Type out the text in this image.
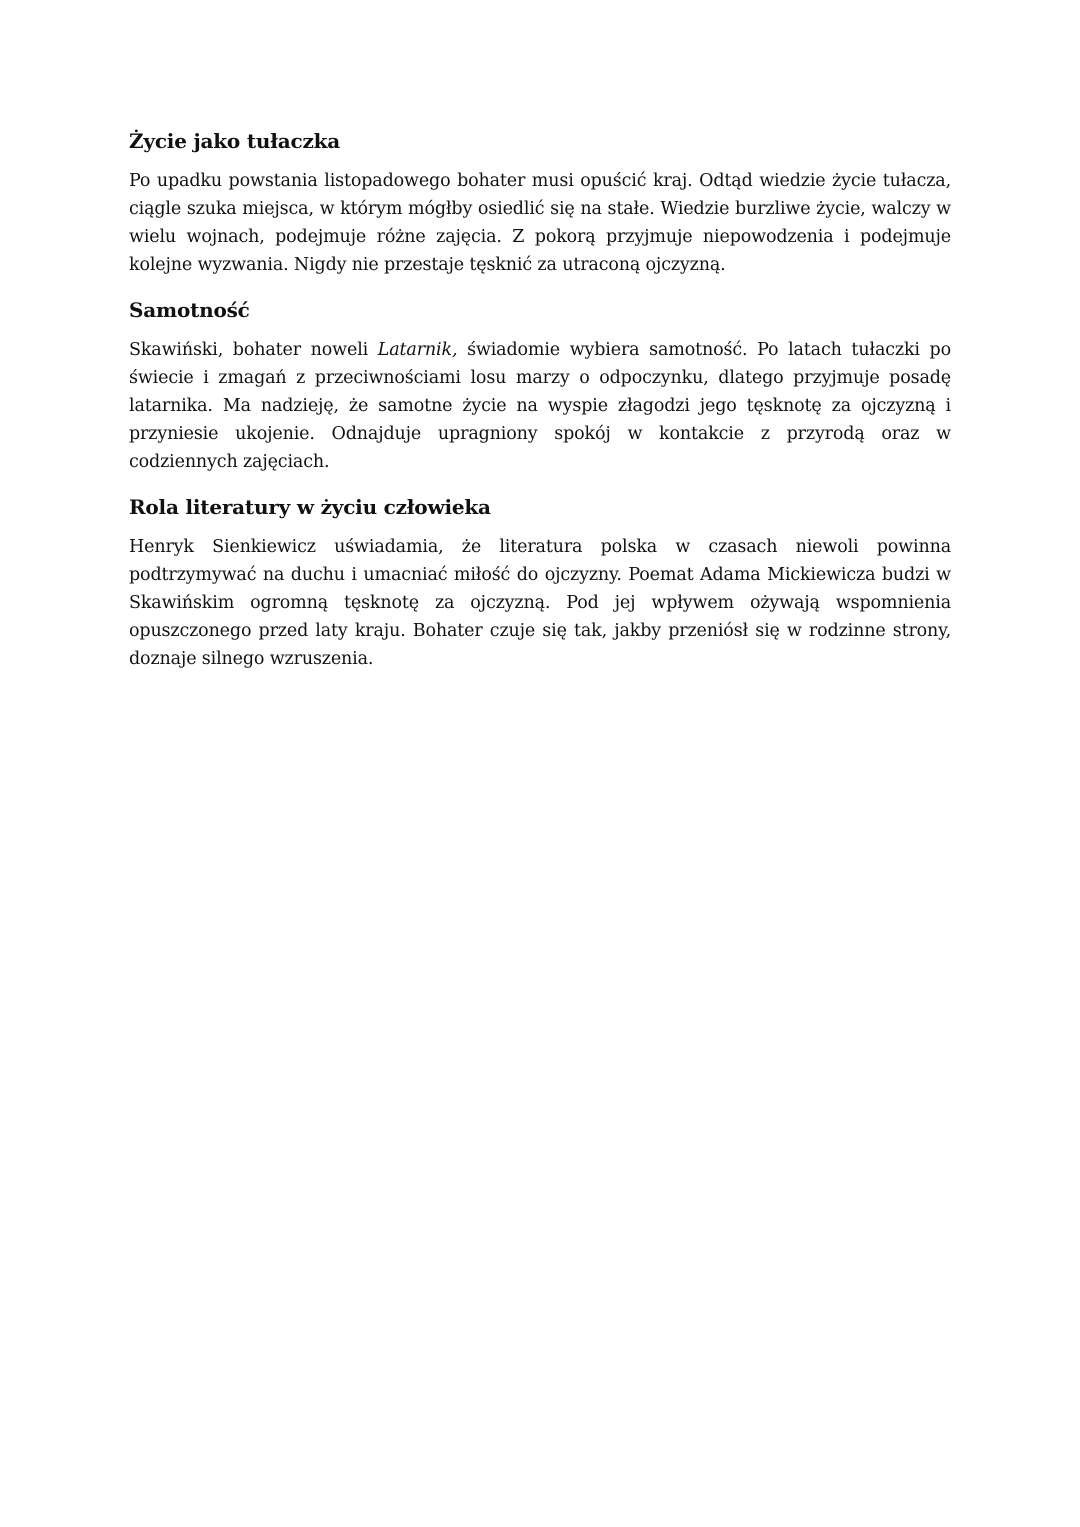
Życie jako tułaczka

Po upadku powstania listopadowego bohater musi opuścić kraj. Odtąd wiedzie życie tułacza, ciągle szuka miejsca, w którym mógłby osiedlić się na stałe. Wiedzie burzliwe życie, walczy w wielu wojnach, podejmuje różne zajęcia. Z pokorą przyjmuje niepowodzenia i podejmuje kolejne wyzwania. Nigdy nie przestaje tęsknić za utraconą ojczyzną.

Samotność

Skawiński, bohater noweli Latarnik, świadomie wybiera samotność. Po latach tułaczki po świecie i zmagań z przeciwnościami losu marzy o odpoczynku, dlatego przyjmuje posadę latarnika. Ma nadzieję, że samotne życie na wyspie złagodzi jego tęsknotę za ojczyzną i przyniesie ukojenie. Odnajduje upragniony spokój w kontakcie z przyrodą oraz w codziennych zajęciach.

Rola literatury w życiu człowieka

Henryk Sienkiewicz uświadamia, że literatura polska w czasach niewoli powinna podtrzymywać na duchu i umacniać miłość do ojczyzny. Poemat Adama Mickiewicza budzi w Skawińskim ogromną tęsknotę za ojczyzną. Pod jej wpływem ożywają wspomnienia opuszczonego przed laty kraju. Bohater czuje się tak, jakby przeniósł się w rodzinne strony, doznaje silnego wzruszenia.
